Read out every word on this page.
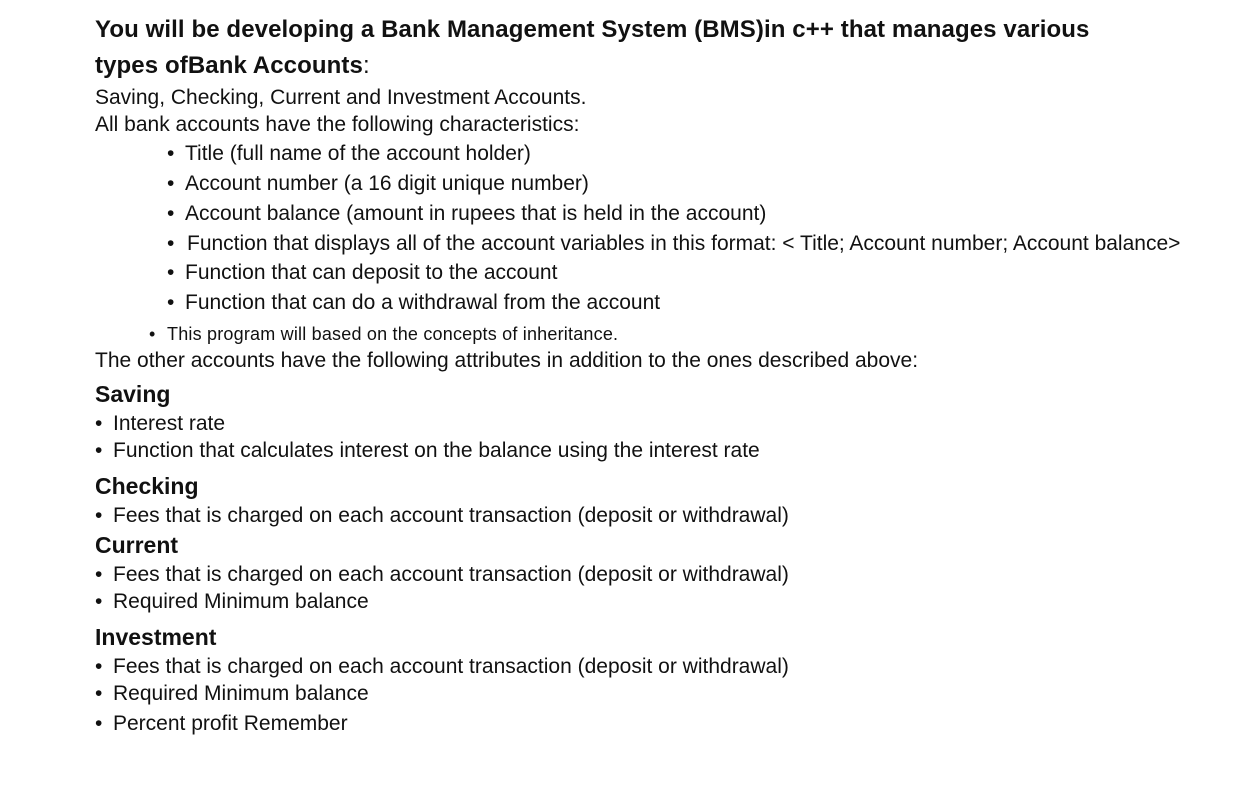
You will be developing a Bank Management System (BMS)in c++ that manages various
types ofBank Accounts:

Saving, Checking, Current and Investment Accounts.

All bank accounts have the following characteristics:

• Title (full name of the account holder)
• Account number (a 16 digit unique number)
• Account balance (amount in rupees that is held in the account)
• Function that displays all of the account variables in this format: < Title; Account number; Account balance>
• Function that can deposit to the account
• Function that can do a withdrawal from the account

• This program will based on the concepts of inheritance.

The other accounts have the following attributes in addition to the ones described above:

Saving

• Interest rate
• Function that calculates interest on the balance using the interest rate

Checking

• Fees that is charged on each account transaction (deposit or withdrawal)

Current

• Fees that is charged on each account transaction (deposit or withdrawal)
• Required Minimum balance

Investment

• Fees that is charged on each account transaction (deposit or withdrawal)
• Required Minimum balance
• Percent profit Remember
